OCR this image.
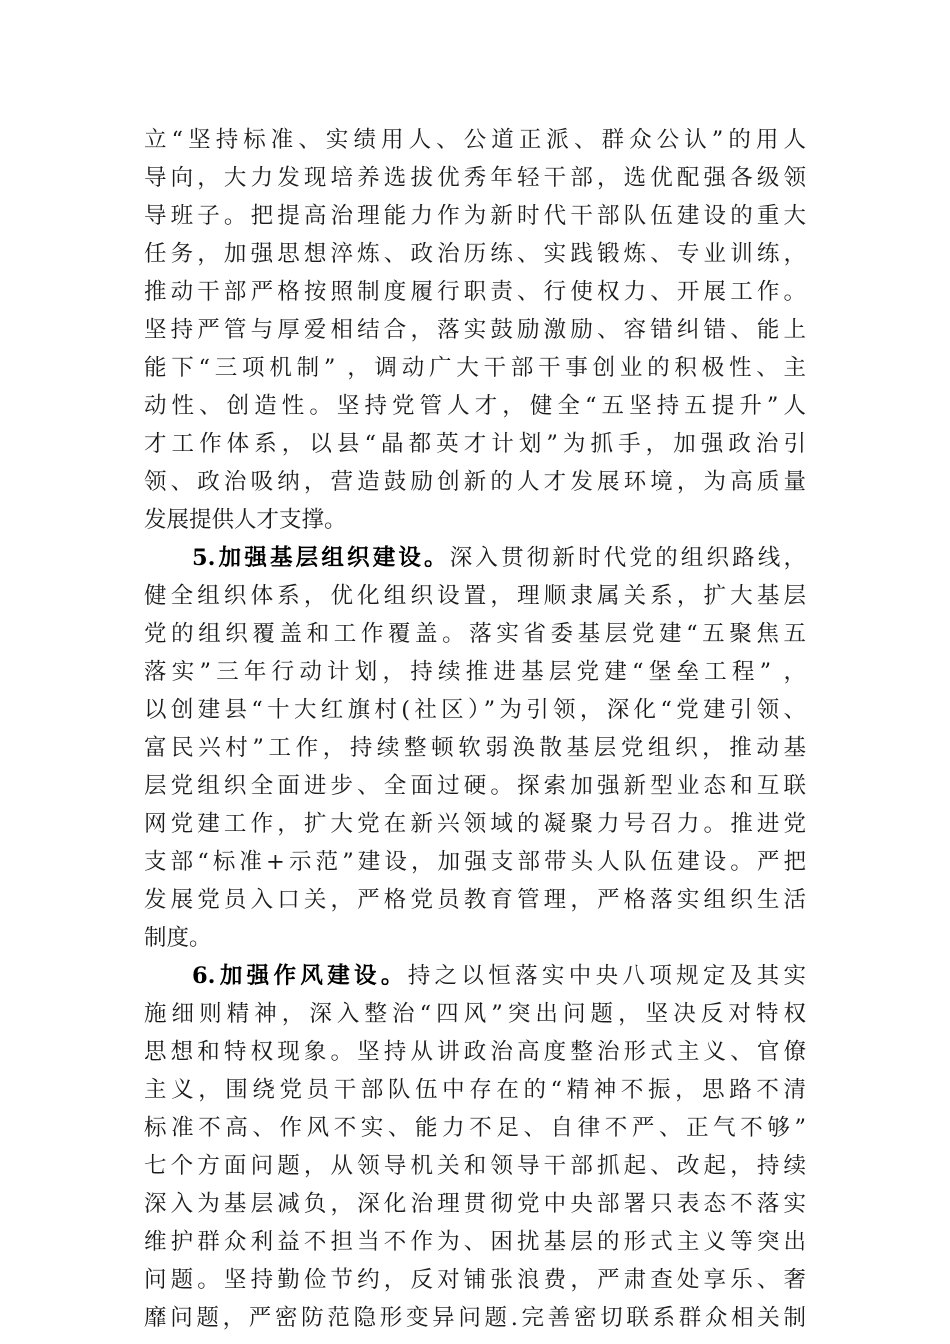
立“坚持标准、实绩用人、公道正派、群众公认”的用人
导向，大力发现培养选拔优秀年轻干部，选优配强各级领
导班子。把提高治理能力作为新时代干部队伍建设的重大
任务，加强思想淬炼、政治历练、实践锻炼、专业训练，
推动干部严格按照制度履行职责、行使权力、开展工作。
坚持严管与厚爱相结合，落实鼓励激励、容错纠错、能上
能下“三项机制” ，调动广大干部干事创业的积极性、主
动性、创造性。坚持党管人才，健全“五坚持五提升”人
才工作体系，以县“晶都英才计划”为抓手，加强政治引
领、政治吸纳，营造鼓励创新的人才发展环境，为高质量
发展提供人才支撑。
5.加强基层组织建设。深入贯彻新时代党的组织路线，
健全组织体系，优化组织设置，理顺隶属关系，扩大基层
党的组织覆盖和工作覆盖。落实省委基层党建“五聚焦五
落实”三年行动计划，持续推进基层党建“堡垒工程” ，
以创建县“十大红旗村(社区）”为引领，深化“党建引领、
富民兴村”工作，持续整顿软弱涣散基层党组织，推动基
层党组织全面进步、全面过硬。探索加强新型业态和互联
网党建工作，扩大党在新兴领域的凝聚力号召力。推进党
支部“标准+示范”建设，加强支部带头人队伍建设。严把
发展党员入口关，严格党员教育管理，严格落实组织生活
制度。
6.加强作风建设。持之以恒落实中央八项规定及其实
施细则精神，深入整治“四风”突出问题，坚决反对特权
思想和特权现象。坚持从讲政治高度整治形式主义、官僚
主义，围绕党员干部队伍中存在的“精神不振，思路不清
标准不高、作风不实、能力不足、自律不严、正气不够”
七个方面问题，从领导机关和领导干部抓起、改起，持续
深入为基层减负，深化治理贯彻党中央部署只表态不落实
维护群众利益不担当不作为、困扰基层的形式主义等突出
问题。坚持勤俭节约，反对铺张浪费，严肃查处享乐、奢
靡问题，严密防范隐形变异问题.完善密切联系群众相关制
